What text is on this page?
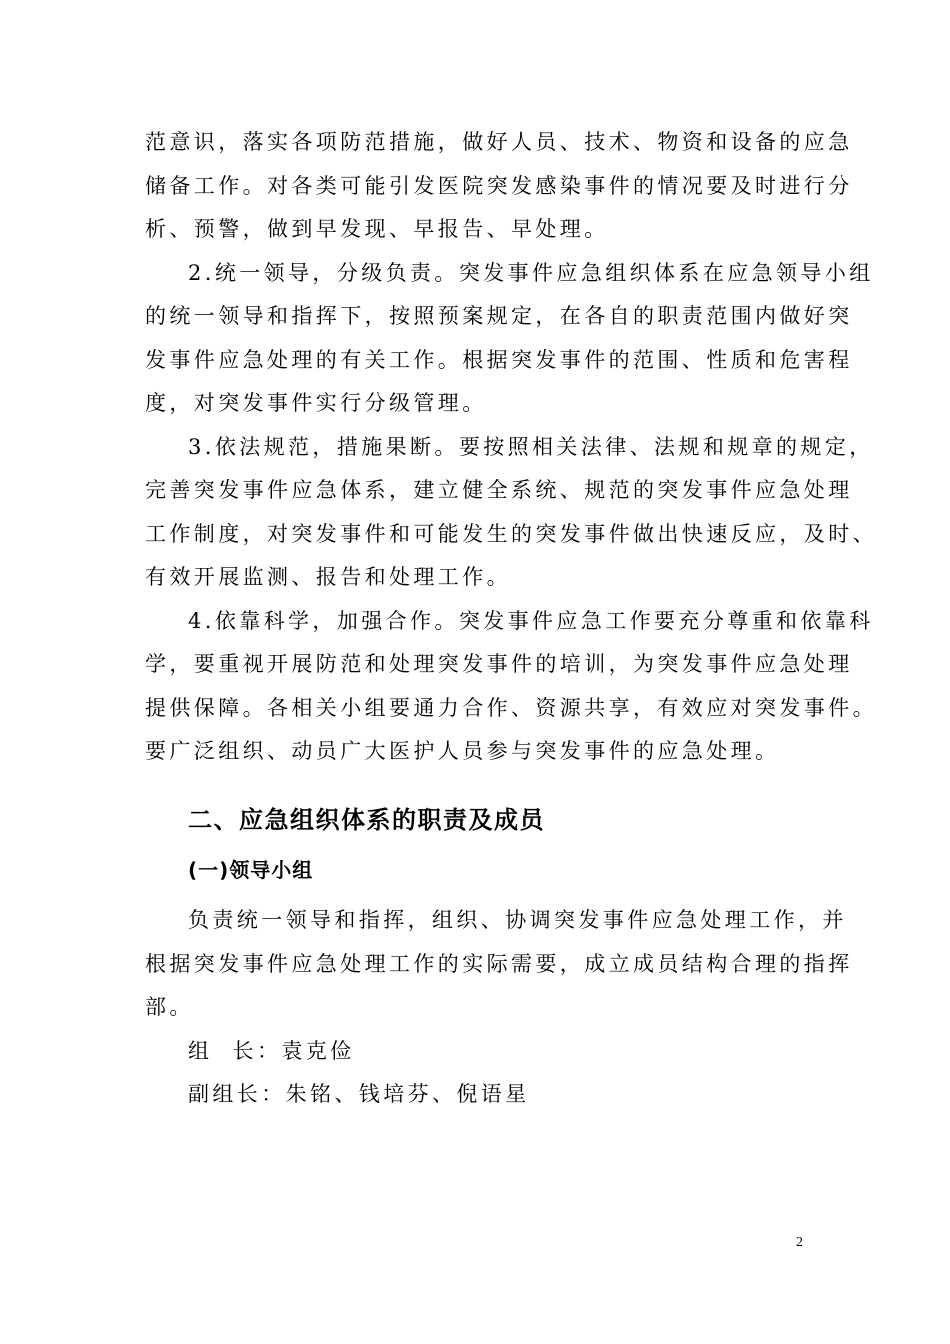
范意识，落实各项防范措施，做好人员、技术、物资和设备的应急
储备工作。对各类可能引发医院突发感染事件的情况要及时进行分
析、预警，做到早发现、早报告、早处理。
2.统一领导，分级负责。突发事件应急组织体系在应急领导小组
的统一领导和指挥下，按照预案规定，在各自的职责范围内做好突
发事件应急处理的有关工作。根据突发事件的范围、性质和危害程
度，对突发事件实行分级管理。
3.依法规范，措施果断。要按照相关法律、法规和规章的规定，
完善突发事件应急体系，建立健全系统、规范的突发事件应急处理
工作制度，对突发事件和可能发生的突发事件做出快速反应，及时、
有效开展监测、报告和处理工作。
4.依靠科学，加强合作。突发事件应急工作要充分尊重和依靠科
学，要重视开展防范和处理突发事件的培训，为突发事件应急处理
提供保障。各相关小组要通力合作、资源共享，有效应对突发事件。
要广泛组织、动员广大医护人员参与突发事件的应急处理。
二、应急组织体系的职责及成员
(一)领导小组
负责统一领导和指挥，组织、协调突发事件应急处理工作，并
根据突发事件应急处理工作的实际需要，成立成员结构合理的指挥
部。
组  长：袁克俭
副组长：朱铭、钱培芬、倪语星
2
